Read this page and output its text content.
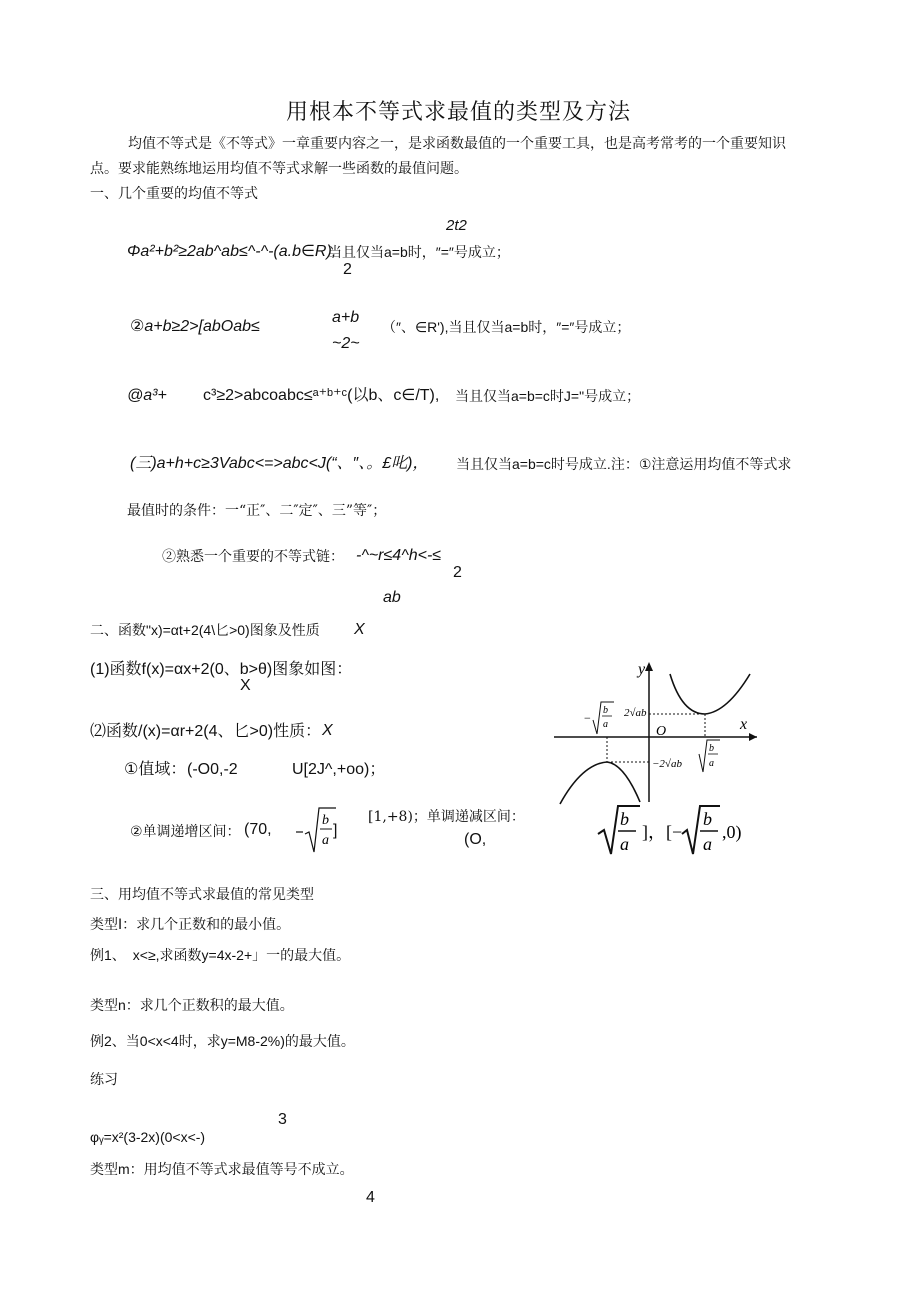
用根本不等式求最值的类型及方法
均值不等式是《不等式》一章重要内容之一，是求函数最值的一个重要工具，也是高考常考的一个重要知识
点。要求能熟练地运用均值不等式求解一些函数的最值问题。
一、几个重要的均值不等式
2t2
Φa²+b²≥2ab^ab≤^-^-(a.b∈R),
当且仅当a=b时，″=″号成立；
2
②a+b≥2>[abOab≤
a+b
~2~
（″、∈R'),当且仅当a=b时，″=″号成立；
@a³+ c³≥2>abcoabc≤ᵃ⁺ᵇ⁺ᶜ(以b、c∈/T), 当且仅当a=b=c时J="号成立；
(三)a+h+c≥3Vabc<=>abc<J(“、″、。£叱)， 当且仅当a=b=c时号成立.注：①注意运用均值不等式求
最值时的条件：一“正″、二″定″、三”等″；
②熟悉一个重要的不等式链： -^~r≤4^h<-≤
2
ab
二、函数"x)=αt+2(4\匕>0)图象及性质 X
(1)函数f(x)=αx+2(0、b>θ)图象如图：
X
⑵函数/(x)=αr+2(4、匕>0)性质： X
①值域： (-O0,-2	U[2J^,+oo)；
②单调递增区间： (70,
b
a
]
[1,+8)；单调递减区间：
(O,
b
a
]，[−
b
a
,0)
y
x
O
2√ab
−2√ab
−
b
a
b
a
三、用均值不等式求最值的常见类型
类型Ⅰ：求几个正数和的最小值。
例1、　x<≥,求函数y=4x-2+」一的最大值。
类型n：求几个正数积的最大值。
例2、当0<x<4时，求y=M8-2%)的最大值。
练习
3
φᵧ=x²(3-2x)(0<x<-)
类型m：用均值不等式求最值等号不成立。
4
